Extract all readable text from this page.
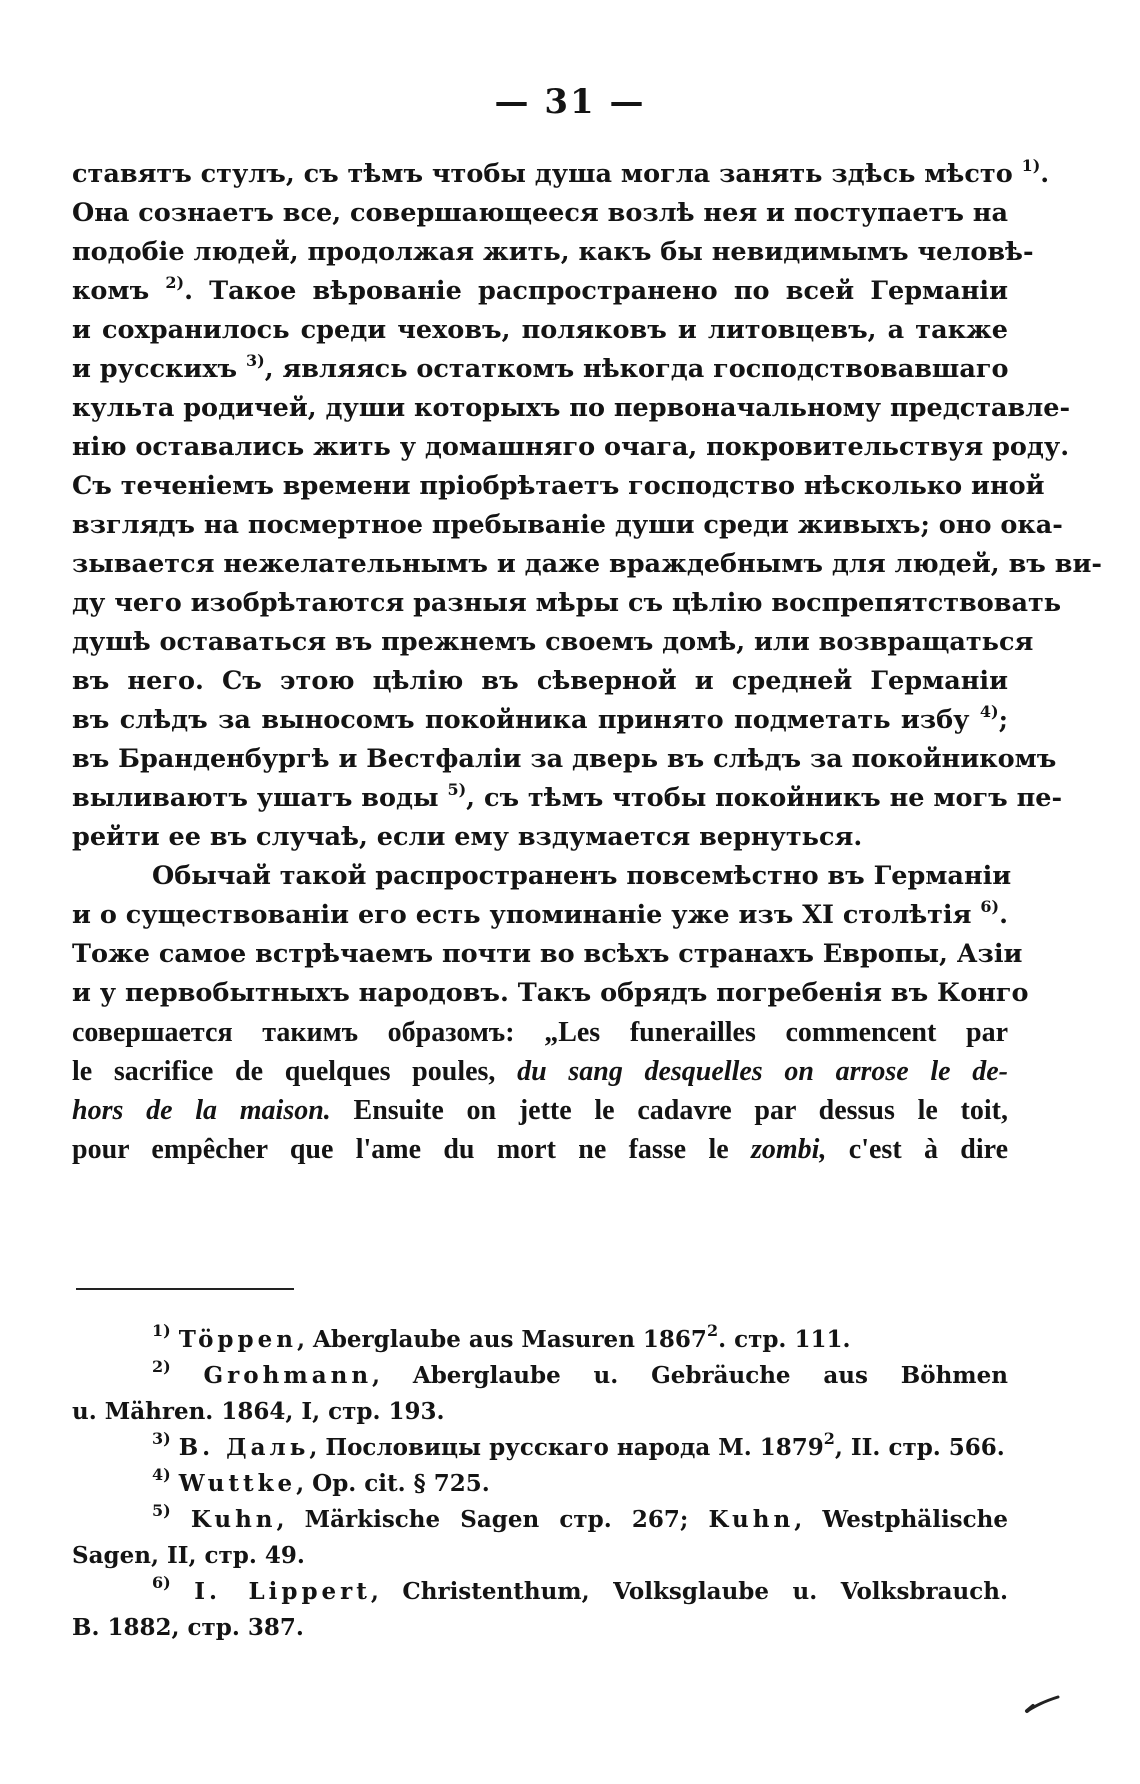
— 31 —
ставятъ стулъ, съ тѣмъ чтобы душа могла занять здѣсь мѣсто $^{1)}$.
Она сознаетъ все, совершающееся возлѣ нея и поступаетъ на
подобіе людей, продолжая жить, какъ бы невидимымъ человѣ-
комъ $^{2)}$. Такое вѣрованіе распространено по всей Германіи
и сохранилось среди чеховъ, поляковъ и литовцевъ, а также
и русскихъ $^{3)}$, являясь остаткомъ нѣкогда господствовавшаго
культа родичей, души которыхъ по первоначальному представле-
нію оставались жить у домашняго очага, покровительствуя роду.
Съ теченіемъ времени пріобрѣтаетъ господство нѣсколько иной
взглядъ на посмертное пребываніе души среди живыхъ; оно ока-
зывается нежелательнымъ и даже враждебнымъ для людей, въ ви-
ду чего изобрѣтаются разныя мѣры съ цѣлію воспрепятствовать
душѣ оставаться въ прежнемъ своемъ домѣ, или возвращаться
въ него. Съ этою цѣлію въ сѣверной и средней Германіи
въ слѣдъ за выносомъ покойника принято подметать избу $^{4)}$;
въ Бранденбургѣ и Вестфаліи за дверь въ слѣдъ за покойникомъ
выливаютъ ушатъ воды $^{5)}$, съ тѣмъ чтобы покойникъ не могъ пе-
рейти ее въ случаѣ, если ему вздумается вернуться.
Обычай такой распространенъ повсемѣстно въ Германіи
и о существованіи его есть упоминаніе уже изъ XI столѣтія $^{6)}$.
Тоже самое встрѣчаемъ почти во всѣхъ странахъ Европы, Азіи
и у первобытныхъ народовъ. Такъ обрядъ погребенія въ Конго
совершается такимъ образомъ: „Les funerailles commencent par
le sacrifice de quelques poules, du sang desquelles on arrose le de-
hors de la maison. Ensuite on jette le cadavre par dessus le toit,
pour empêcher que l'ame du mort ne fasse le zombi, c'est à dire
$^{1)}$ Töppen, Aberglaube aus Masuren 1867$^2$. стр. 111.
$^{2)}$ Grohmann, Aberglaube u. Gebräuche aus Böhmen
u. Mähren. 1864, I, стр. 193.
$^{3)}$ В. Даль, Пословицы русскаго народа М. 1879$^2$, II. стр. 566.
$^{4)}$ Wuttke, Op. cit. § 725.
$^{5)}$ Kuhn, Märkische Sagen стр. 267; Kuhn, Westphälische
Sagen, II, стр. 49.
$^{6)}$ I. Lippert, Christenthum, Volksglaube u. Volksbrauch.
B. 1882, стр. 387.
